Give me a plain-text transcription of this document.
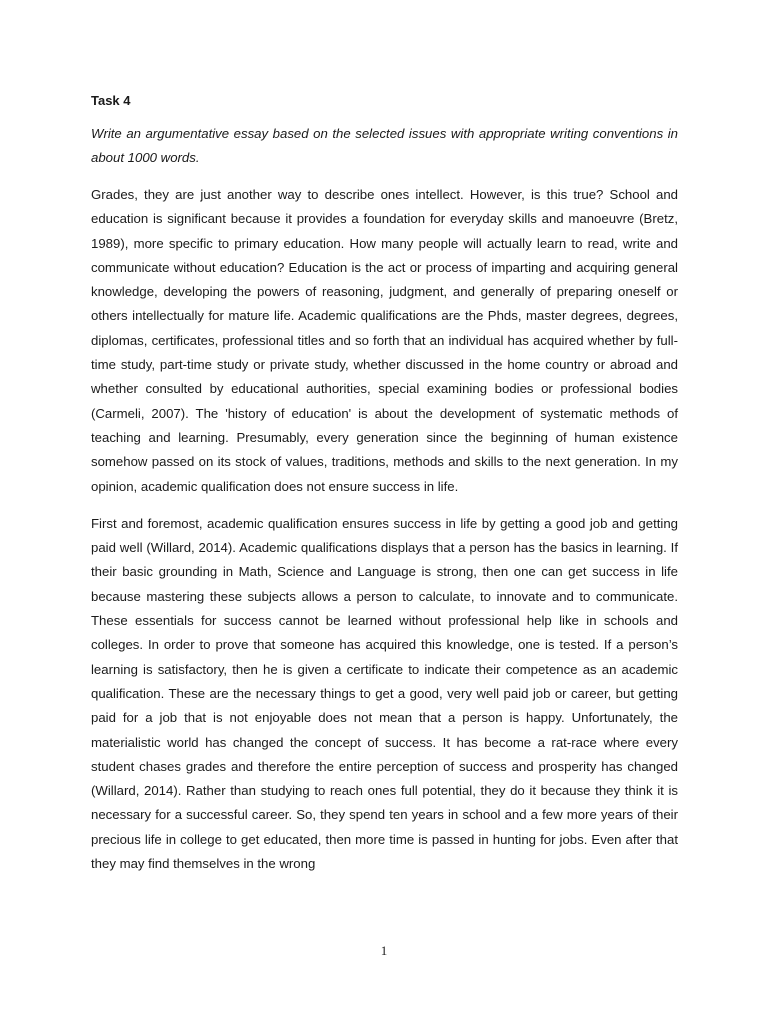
Task 4
Write an argumentative essay based on the selected issues with appropriate writing conventions in about 1000 words.
Grades, they are just another way to describe ones intellect. However, is this true? School and education is significant because it provides a foundation for everyday skills and manoeuvre (Bretz, 1989), more specific to primary education. How many people will actually learn to read, write and communicate without education? Education is the act or process of imparting and acquiring general knowledge, developing the powers of reasoning, judgment, and generally of preparing oneself or others intellectually for mature life. Academic qualifications are the Phds, master degrees, degrees, diplomas, certificates, professional titles and so forth that an individual has acquired whether by full-time study, part-time study or private study, whether discussed in the home country or abroad and whether consulted by educational authorities, special examining bodies or professional bodies (Carmeli, 2007). The 'history of education' is about the development of systematic methods of teaching and learning. Presumably, every generation since the beginning of human existence somehow passed on its stock of values, traditions, methods and skills to the next generation. In my opinion, academic qualification does not ensure success in life.
First and foremost, academic qualification ensures success in life by getting a good job and getting paid well (Willard, 2014). Academic qualifications displays that a person has the basics in learning. If their basic grounding in Math, Science and Language is strong, then one can get success in life because mastering these subjects allows a person to calculate, to innovate and to communicate. These essentials for success cannot be learned without professional help like in schools and colleges. In order to prove that someone has acquired this knowledge, one is tested. If a person’s learning is satisfactory, then he is given a certificate to indicate their competence as an academic qualification. These are the necessary things to get a good, very well paid job or career, but getting paid for a job that is not enjoyable does not mean that a person is happy. Unfortunately, the materialistic world has changed the concept of success. It has become a rat-race where every student chases grades and therefore the entire perception of success and prosperity has changed (Willard, 2014). Rather than studying to reach ones full potential, they do it because they think it is necessary for a successful career. So, they spend ten years in school and a few more years of their precious life in college to get educated, then more time is passed in hunting for jobs. Even after that they may find themselves in the wrong
1
